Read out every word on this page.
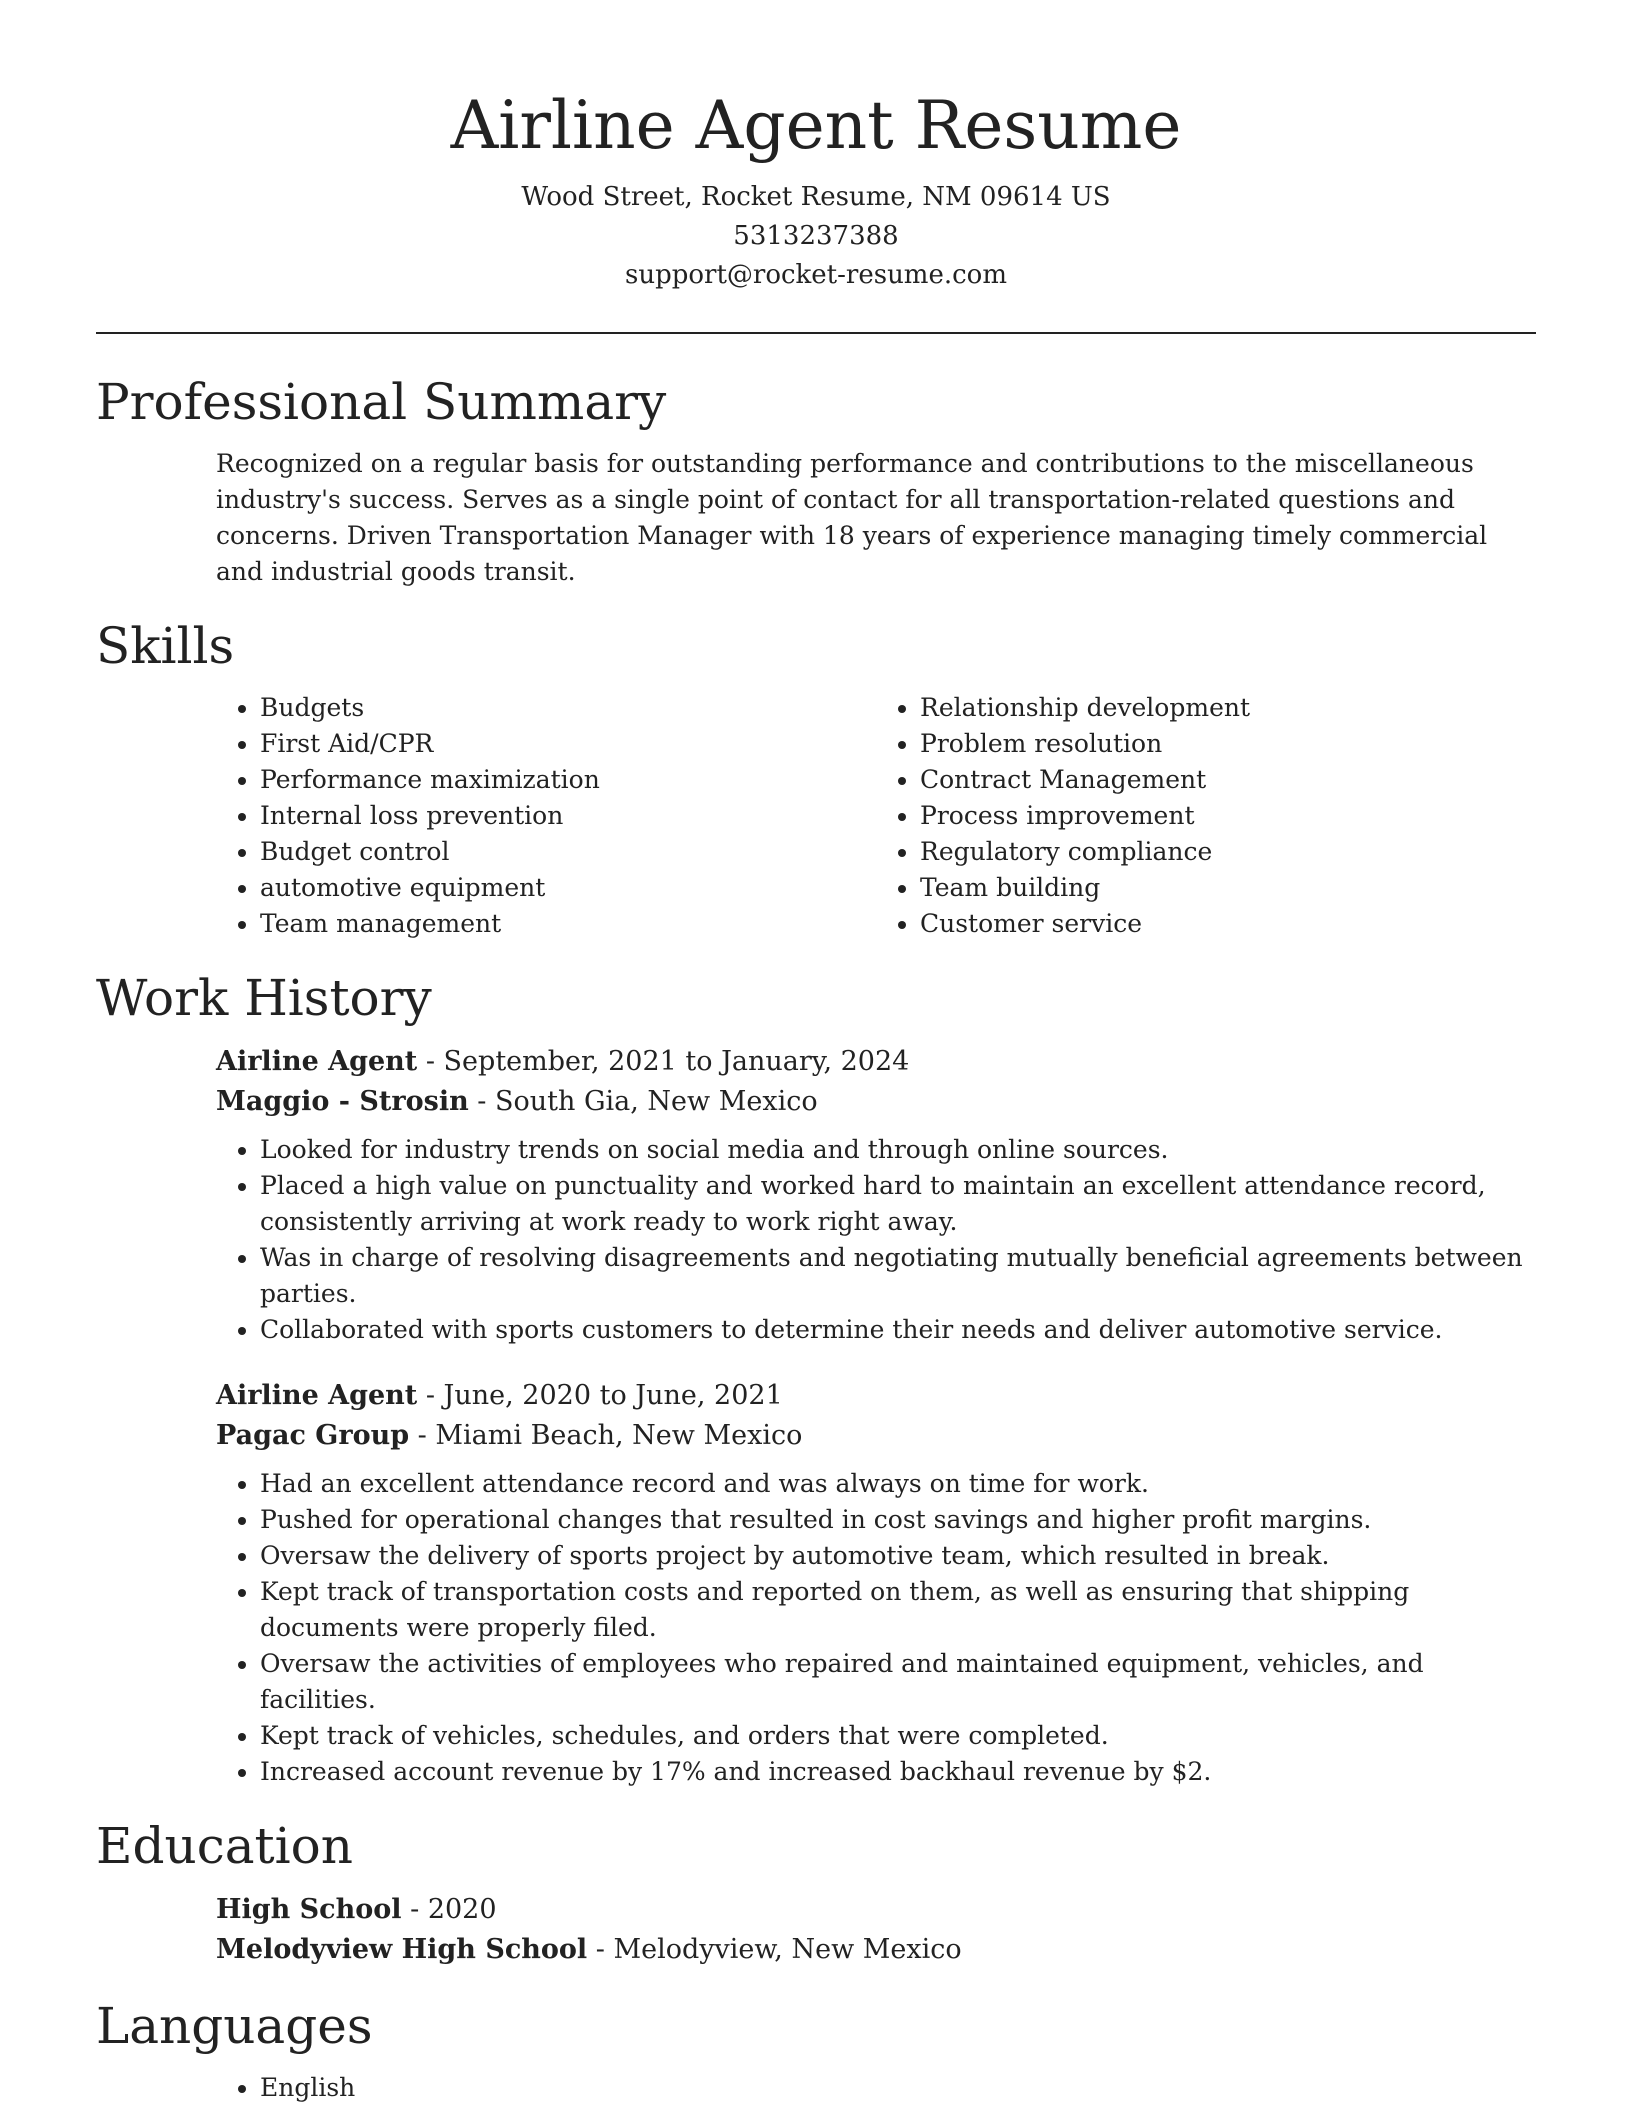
Airline Agent Resume

Wood Street, Rocket Resume, NM 09614 US

5313237388

support@rocket-resume.com

Professional Summary

Recognized on a regular basis for outstanding performance and contributions to the miscellaneous industry's success. Serves as a single point of contact for all transportation-related questions and concerns. Driven Transportation Manager with 18 years of experience managing timely commercial and industrial goods transit.

Skills
• Budgets
• First Aid/CPR
• Performance maximization
• Internal loss prevention
• Budget control
• automotive equipment
• Team management
• Relationship development
• Problem resolution
• Contract Management
• Process improvement
• Regulatory compliance
• Team building
• Customer service
Work History
Airline Agent - September, 2021 to January, 2024
Maggio - Strosin - South Gia, New Mexico
• Looked for industry trends on social media and through online sources.
• Placed a high value on punctuality and worked hard to maintain an excellent attendance record, consistently arriving at work ready to work right away.
• Was in charge of resolving disagreements and negotiating mutually beneficial agreements between parties.
• Collaborated with sports customers to determine their needs and deliver automotive service.
Airline Agent - June, 2020 to June, 2021
Pagac Group - Miami Beach, New Mexico
• Had an excellent attendance record and was always on time for work.
• Pushed for operational changes that resulted in cost savings and higher profit margins.
• Oversaw the delivery of sports project by automotive team, which resulted in break.
• Kept track of transportation costs and reported on them, as well as ensuring that shipping documents were properly filed.
• Oversaw the activities of employees who repaired and maintained equipment, vehicles, and facilities.
• Kept track of vehicles, schedules, and orders that were completed.
• Increased account revenue by 17% and increased backhaul revenue by $2.
Education
High School - 2020
Melodyview High School - Melodyview, New Mexico
Languages
• English
